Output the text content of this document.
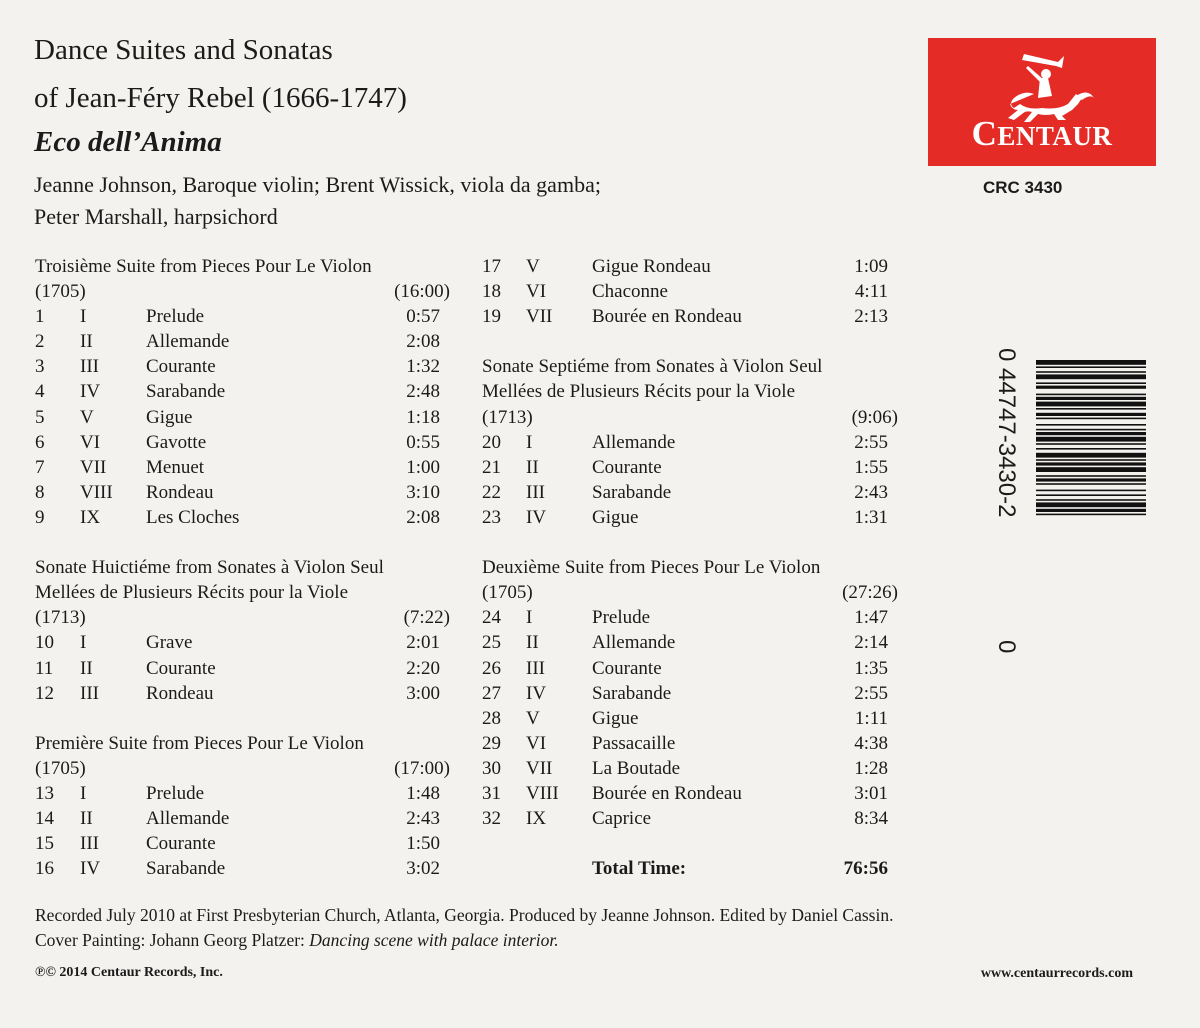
Dance Suites and Sonatas
of Jean-Féry Rebel (1666-1747)
Eco dell’Anima
Jeanne Johnson, Baroque violin; Brent Wissick, viola da gamba;
Peter Marshall, harpsichord
CENTAUR
CRC 3430
0
44747-3430-2
0
Troisième Suite from Pieces Pour Le Violon
(1705)	(16:00)
1 I	Prelude	0:57
2 II	Allemande	2:08
3 III Courante	1:32
4 IV Sarabande	2:48
5 V	Gigue	1:18
6 VI Gavotte	0:55
7 VII Menuet	1:00
8 VIII Rondeau	3:10
9 IX Les Cloches	2:08
Sonate Huictiéme from Sonates à Violon Seul
Mellées de Plusieurs Récits pour la Viole
(1713)	(7:22)
10 I	Grave	2:01
11 II	Courante	2:20
12 III Rondeau	3:00
Première Suite from Pieces Pour Le Violon
(1705)	(17:00)
13 I	Prelude	1:48
14 II	Allemande	2:43
15 III Courante	1:50
16 IV Sarabande	3:02
17 V	Gigue Rondeau	1:09
18 VI Chaconne	4:11
19 VII Bourée en Rondeau	2:13
Sonate Septiéme from Sonates à Violon Seul
Mellées de Plusieurs Récits pour la Viole
(1713)	(9:06)
20 I	Allemande	2:55
21 II	Courante	1:55
22 III Sarabande	2:43
23 IV Gigue	1:31
Deuxième Suite from Pieces Pour Le Violon
(1705)	(27:26)
24 I	Prelude	1:47
25 II	Allemande	2:14
26 III Courante	1:35
27 IV Sarabande	2:55
28 V	Gigue	1:11
29 VI Passacaille	4:38
30 VII La Boutade	1:28
31 VIII Bourée en Rondeau	3:01
32 IX Caprice	8:34
Total Time:	76:56
Recorded July 2010 at First Presbyterian Church, Atlanta, Georgia. Produced by Jeanne Johnson. Edited by Daniel Cassin.
Cover Painting: Johann Georg Platzer: Dancing scene with palace interior.
℗© 2014 Centaur Records, Inc.	www.centaurrecords.com
